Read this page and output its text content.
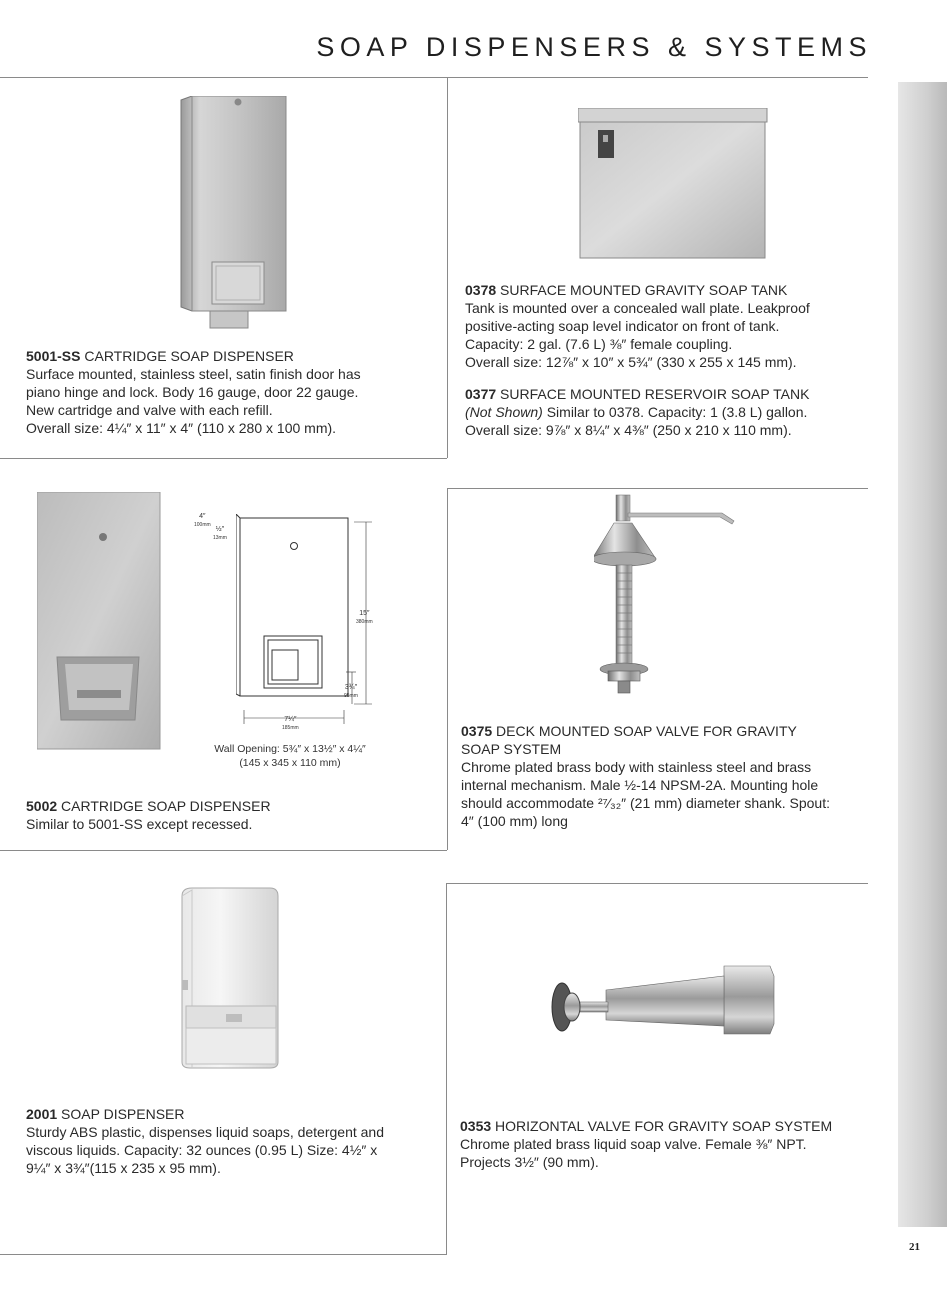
SOAP DISPENSERS & SYSTEMS
21
5001-SS CARTRIDGE SOAP DISPENSER
Surface mounted, stainless steel, satin finish door has
piano hinge and lock. Body 16 gauge, door 22 gauge.
New cartridge and valve with each refill.
Overall size: 4¼″ x 11″ x 4″ (110 x 280 x 100 mm).
0378 SURFACE MOUNTED GRAVITY SOAP TANK
Tank is mounted over a concealed wall plate. Leakproof
positive-acting soap level indicator on front of tank.
Capacity: 2 gal. (7.6 L) ⅜″ female coupling.
Overall size: 12⅞″ x 10″ x 5¾″ (330 x 255 x 145 mm).
0377 SURFACE MOUNTED RESERVOIR SOAP TANK
(Not Shown) Similar to 0378. Capacity: 1 (3.8 L) gallon.
Overall size: 9⅞″ x 8¼″ x 4⅜″ (250 x 210 x 110 mm).
4″
100mm
½″
13mm
15″
380mm
3¾″
95mm
7¼″
185mm
Wall Opening: 5¾″ x 13½″ x 4¼″
(145 x 345 x 110 mm)
5002 CARTRIDGE SOAP DISPENSER
Similar to 5001-SS except recessed.
0375 DECK MOUNTED SOAP VALVE FOR GRAVITY
SOAP SYSTEM
Chrome plated brass body with stainless steel and brass
internal mechanism. Male ½-14 NPSM-2A. Mounting hole
should accommodate ²⁷⁄₃₂″ (21 mm) diameter shank. Spout:
4″ (100 mm) long
2001 SOAP DISPENSER
Sturdy ABS plastic, dispenses liquid soaps, detergent and
viscous liquids. Capacity: 32 ounces (0.95 L) Size: 4½″ x
9¼″ x 3¾″(115 x 235 x 95 mm).
0353 HORIZONTAL VALVE FOR GRAVITY SOAP SYSTEM
Chrome plated brass liquid soap valve. Female ⅜″ NPT.
Projects 3½″ (90 mm).
